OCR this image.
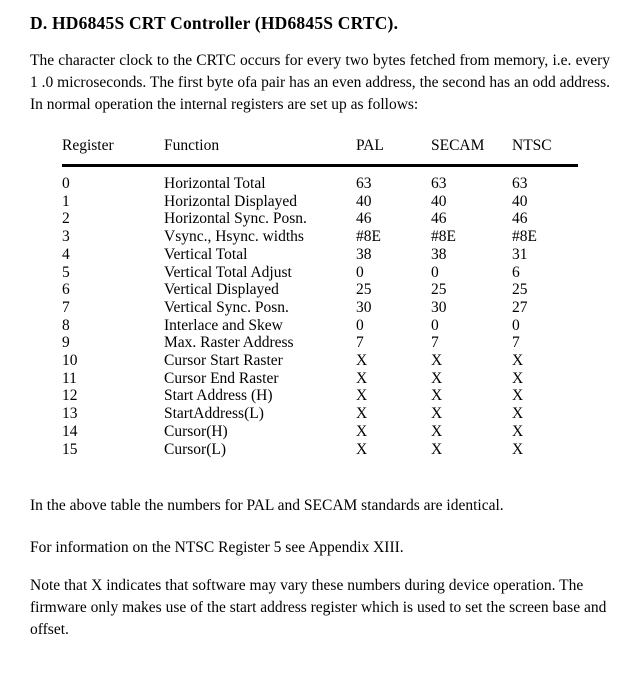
D. HD6845S CRT Controller (HD6845S CRTC).

The character clock to the CRTC occurs for every two bytes fetched from memory, i.e. every 1 .0 microseconds. The first byte ofa pair has an even address, the second has an odd address. In normal operation the internal registers are set up as follows:

Register	Function	PAL	SECAM	NTSC
0	Horizontal Total	63	63	63
1	Horizontal Displayed	40	40	40
2	Horizontal Sync. Posn.	46	46	46
3	Vsync., Hsync. widths	#8E	#8E	#8E
4	Vertical Total	38	38	31
5	Vertical Total Adjust	0	0	6
6	Vertical Displayed	25	25	25
7	Vertical Sync. Posn.	30	30	27
8	Interlace and Skew	0	0	0
9	Max. Raster Address	7	7	7
10	Cursor Start Raster	X	X	X
11	Cursor End Raster	X	X	X
12	Start Address (H)	X	X	X
13	StartAddress(L)	X	X	X
14	Cursor(H)	X	X	X
15	Cursor(L)	X	X	X

In the above table the numbers for PAL and SECAM standards are identical.

For information on the NTSC Register 5 see Appendix XIII.

Note that X indicates that software may vary these numbers during device operation. The firmware only makes use of the start address register which is used to set the screen base and offset.
